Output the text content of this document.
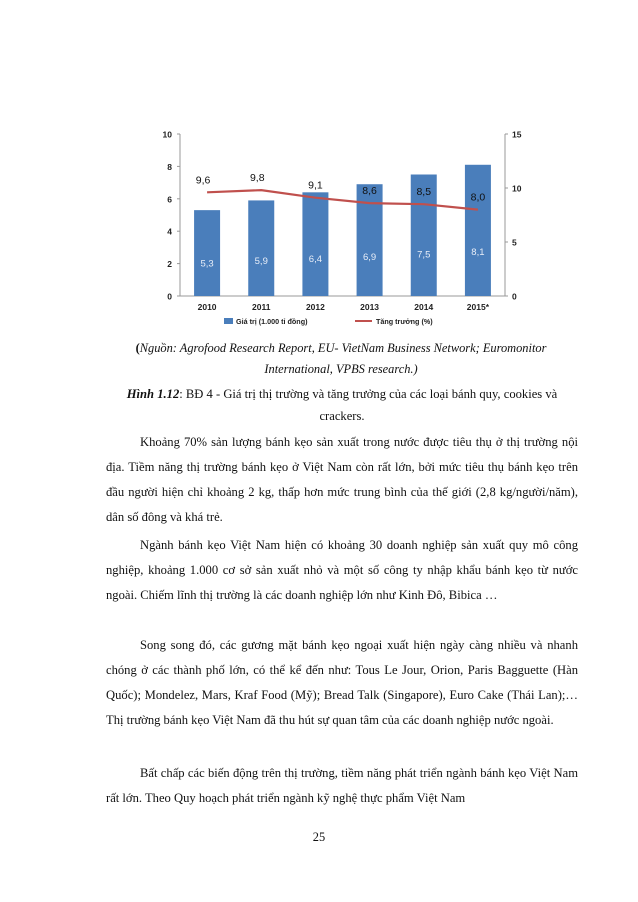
0
2
4
6
8
10
0
5
10
15
5,3	5,9	6,4	6,9	7,5	8,1
2010	2011	2012	2013	2014	2015*
9,6	9,8
9,1	8,6	8,5	8,0
Giá trị (1.000 tỉ đồng)	Tăng trưởng (%)
(Nguồn: Agrofood Research Report, EU- VietNam Business Network; Euromonitor
International, VPBS research.)
Hình 1.12: BĐ 4 - Giá trị thị trường và tăng trưởng của các loại bánh quy, cookies và crackers.

Khoảng 70% sản lượng bánh kẹo sản xuất trong nước được tiêu thụ ở thị trường nội địa. Tiềm năng thị trường bánh kẹo ở Việt Nam còn rất lớn, bởi mức tiêu thụ bánh kẹo trên đầu người hiện chỉ khoảng 2 kg, thấp hơn mức trung bình của thế giới (2,8 kg/người/năm), dân số đông và khá trẻ.

Ngành bánh kẹo Việt Nam hiện có khoảng 30 doanh nghiệp sản xuất quy mô công nghiệp, khoảng 1.000 cơ sở sản xuất nhỏ và một số công ty nhập khẩu bánh kẹo từ nước ngoài. Chiếm lĩnh thị trường là các doanh nghiệp lớn như Kinh Đô, Bibica …

Song song đó, các gương mặt bánh kẹo ngoại xuất hiện ngày càng nhiều và nhanh chóng ở các thành phố lớn, có thể kể đến như: Tous Le Jour, Orion, Paris Bagguette (Hàn Quốc); Mondelez, Mars, Kraf Food (Mỹ); Bread Talk (Singapore), Euro Cake (Thái Lan);… Thị trường bánh kẹo Việt Nam đã thu hút sự quan tâm của các doanh nghiệp nước ngoài.

Bất chấp các biến động trên thị trường, tiềm năng phát triển ngành bánh kẹo Việt Nam rất lớn. Theo Quy hoạch phát triển ngành kỹ nghệ thực phẩm Việt Nam

25
